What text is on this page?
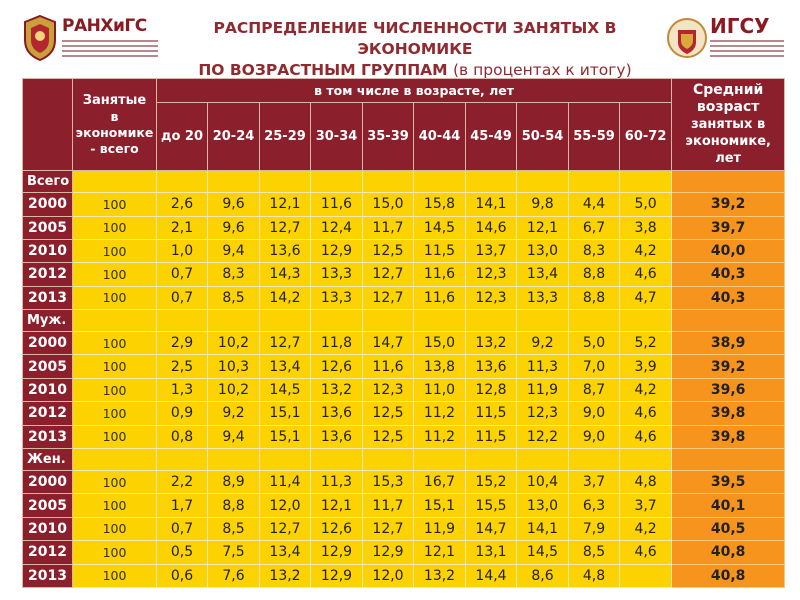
РАНХиГС	РАСПРЕДЕЛЕНИЕ ЧИСЛЕННОСТИ ЗАНЯТЫХ В ЭКОНОМИКЕ
ПО ВОЗРАСТНЫМ ГРУППАМ (в процентах к итогу)
ИГСУ
	Занятые
в экономике - всего	в том числе в возрасте, лет										Средний возраст
занятых в экономике, лет
		до 20	20-24	25-29	30-34	35-39	40-44	45-49	50-54	55-59	60-72	
Всего												
2000	100	2,6	9,6	12,1	11,6	15,0	15,8	14,1	9,8	4,4	5,0	39,2
2005	100	2,1	9,6	12,7	12,4	11,7	14,5	14,6	12,1	6,7	3,8	39,7
2010	100	1,0	9,4	13,6	12,9	12,5	11,5	13,7	13,0	8,3	4,2	40,0
2012	100	0,7	8,3	14,3	13,3	12,7	11,6	12,3	13,4	8,8	4,6	40,3
2013	100	0,7	8,5	14,2	13,3	12,7	11,6	12,3	13,3	8,8	4,7	40,3
Муж.												
2000	100	2,9	10,2	12,7	11,8	14,7	15,0	13,2	9,2	5,0	5,2	38,9
2005	100	2,5	10,3	13,4	12,6	11,6	13,8	13,6	11,3	7,0	3,9	39,2
2010	100	1,3	10,2	14,5	13,2	12,3	11,0	12,8	11,9	8,7	4,2	39,6
2012	100	0,9	9,2	15,1	13,6	12,5	11,2	11,5	12,3	9,0	4,6	39,8
2013	100	0,8	9,4	15,1	13,6	12,5	11,2	11,5	12,2	9,0	4,6	39,8
Жен.												
2000	100	2,2	8,9	11,4	11,3	15,3	16,7	15,2	10,4	3,7	4,8	39,5
2005	100	1,7	8,8	12,0	12,1	11,7	15,1	15,5	13,0	6,3	3,7	40,1
2010	100	0,7	8,5	12,7	12,6	12,7	11,9	14,7	14,1	7,9	4,2	40,5
2012	100	0,5	7,5	13,4	12,9	12,9	12,1	13,1	14,5	8,5	4,6	40,8
2013	100	0,6	7,6	13,2	12,9	12,0	13,2	14,4	8,6	4,8		40,8
